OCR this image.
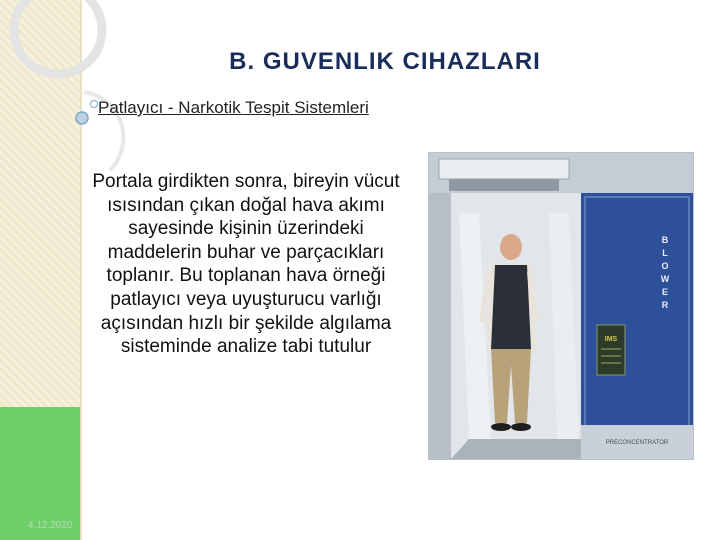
B. GUVENLIK CIHAZLARI
Patlayıcı - Narkotik Tespit Sistemleri
Portala girdikten sonra, bireyin vücut ısısından çıkan doğal hava akımı sayesinde kişinin üzerindeki maddelerin buhar ve parçacıkları toplanır. Bu toplanan hava örneği patlayıcı veya uyuşturucu varlığı açısından hızlı bir şekilde algılama sisteminde analize tabi tutulur
B
L
O
W
E
R
IMS
PRECONCENTRATOR
4.12.2020
